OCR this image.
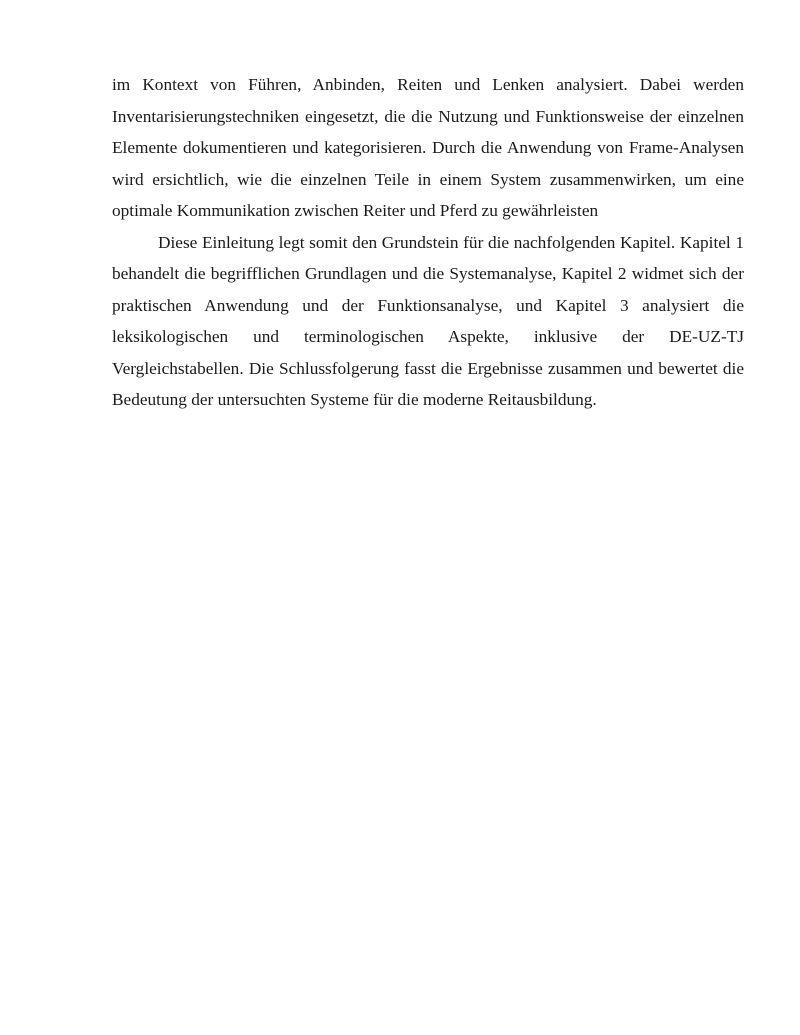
im Kontext von Führen, Anbinden, Reiten und Lenken analysiert. Dabei werden Inventarisierungstechniken eingesetzt, die die Nutzung und Funktionsweise der einzelnen Elemente dokumentieren und kategorisieren. Durch die Anwendung von Frame-Analysen wird ersichtlich, wie die einzelnen Teile in einem System zusammenwirken, um eine optimale Kommunikation zwischen Reiter und Pferd zu gewährleisten

Diese Einleitung legt somit den Grundstein für die nachfolgenden Kapitel. Kapitel 1 behandelt die begrifflichen Grundlagen und die Systemanalyse, Kapitel 2 widmet sich der praktischen Anwendung und der Funktionsanalyse, und Kapitel 3 analysiert die leksikologischen und terminologischen Aspekte, inklusive der DE-UZ-TJ Vergleichstabellen. Die Schlussfolgerung fasst die Ergebnisse zusammen und bewertet die Bedeutung der untersuchten Systeme für die moderne Reitausbildung.
